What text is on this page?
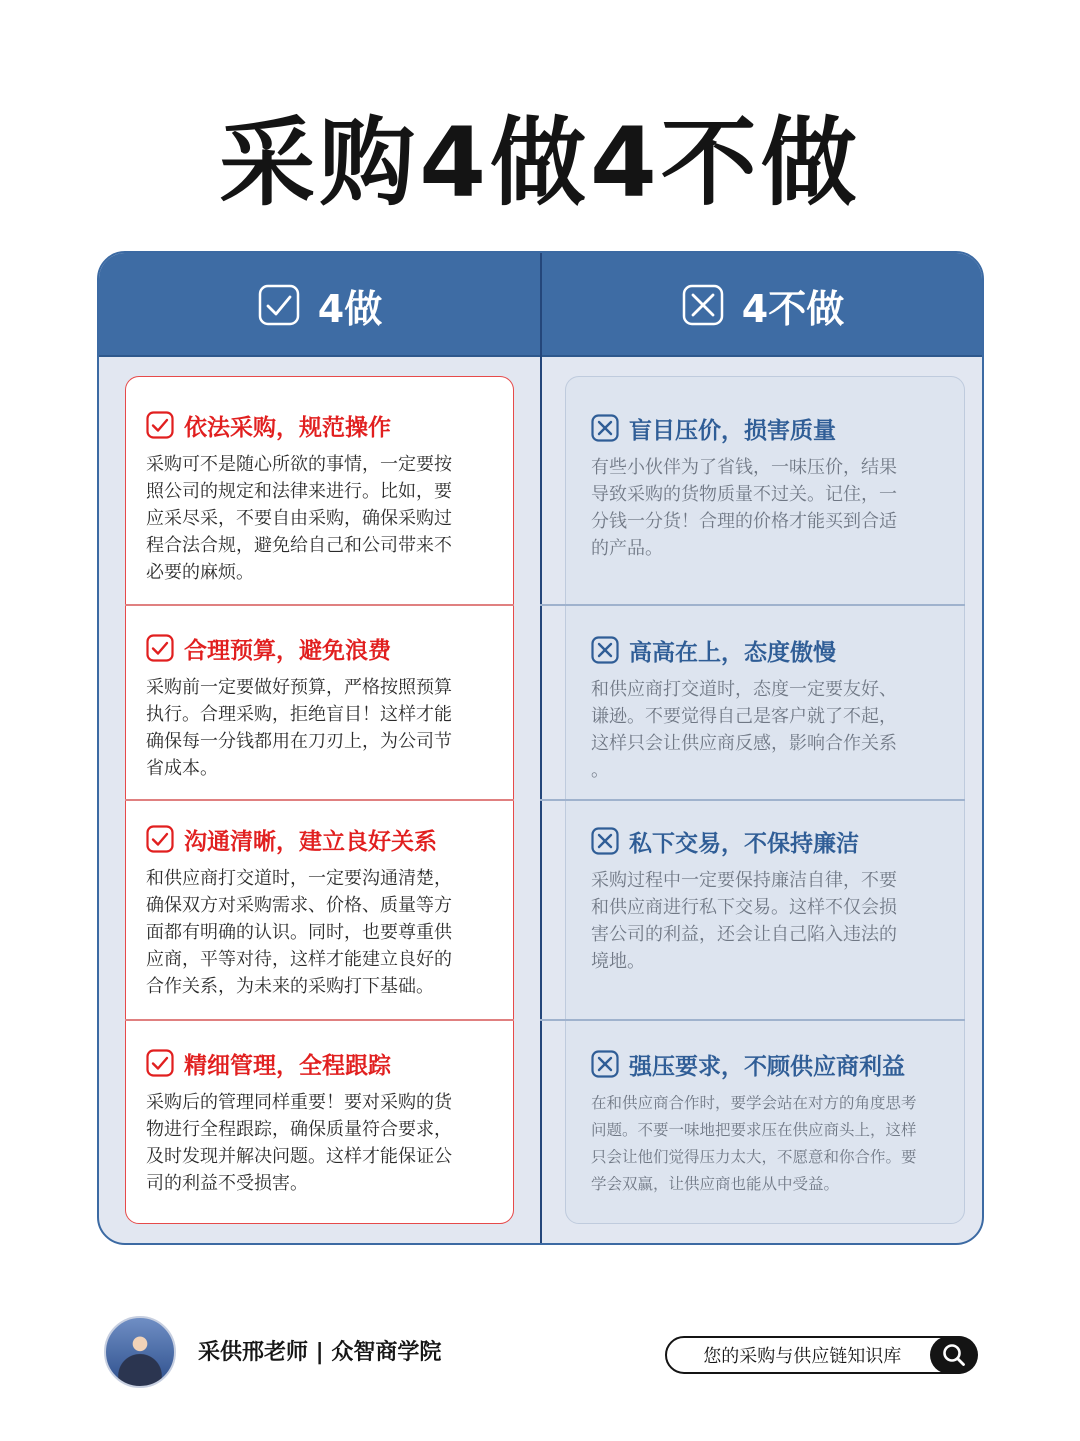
采购4做4不做
4做	4不做
依法采购，规范操作
采购可不是随心所欲的事情，一定要按
照公司的规定和法律来进行。比如，要
应采尽采，不要自由采购，确保采购过
程合法合规，避免给自己和公司带来不
必要的麻烦。
合理预算，避免浪费
采购前一定要做好预算，严格按照预算
执行。合理采购，拒绝盲目！这样才能
确保每一分钱都用在刀刃上，为公司节
省成本。
沟通清晰，建立良好关系
和供应商打交道时，一定要沟通清楚，
确保双方对采购需求、价格、质量等方
面都有明确的认识。同时，也要尊重供
应商，平等对待，这样才能建立良好的
合作关系，为未来的采购打下基础。
精细管理，全程跟踪
采购后的管理同样重要！要对采购的货
物进行全程跟踪，确保质量符合要求，
及时发现并解决问题。这样才能保证公
司的利益不受损害。
盲目压价，损害质量
有些小伙伴为了省钱，一味压价，结果
导致采购的货物质量不过关。记住，一
分钱一分货！合理的价格才能买到合适
的产品。
高高在上，态度傲慢
和供应商打交道时，态度一定要友好、
谦逊。不要觉得自己是客户就了不起，
这样只会让供应商反感，影响合作关系
。
私下交易，不保持廉洁
采购过程中一定要保持廉洁自律，不要
和供应商进行私下交易。这样不仅会损
害公司的利益，还会让自己陷入违法的
境地。
强压要求，不顾供应商利益
在和供应商合作时，要学会站在对方的角度思考
问题。不要一味地把要求压在供应商头上，这样
只会让他们觉得压力太大，不愿意和你合作。要
学会双赢，让供应商也能从中受益。
采供邢老师 | 众智商学院	您的采购与供应链知识库
